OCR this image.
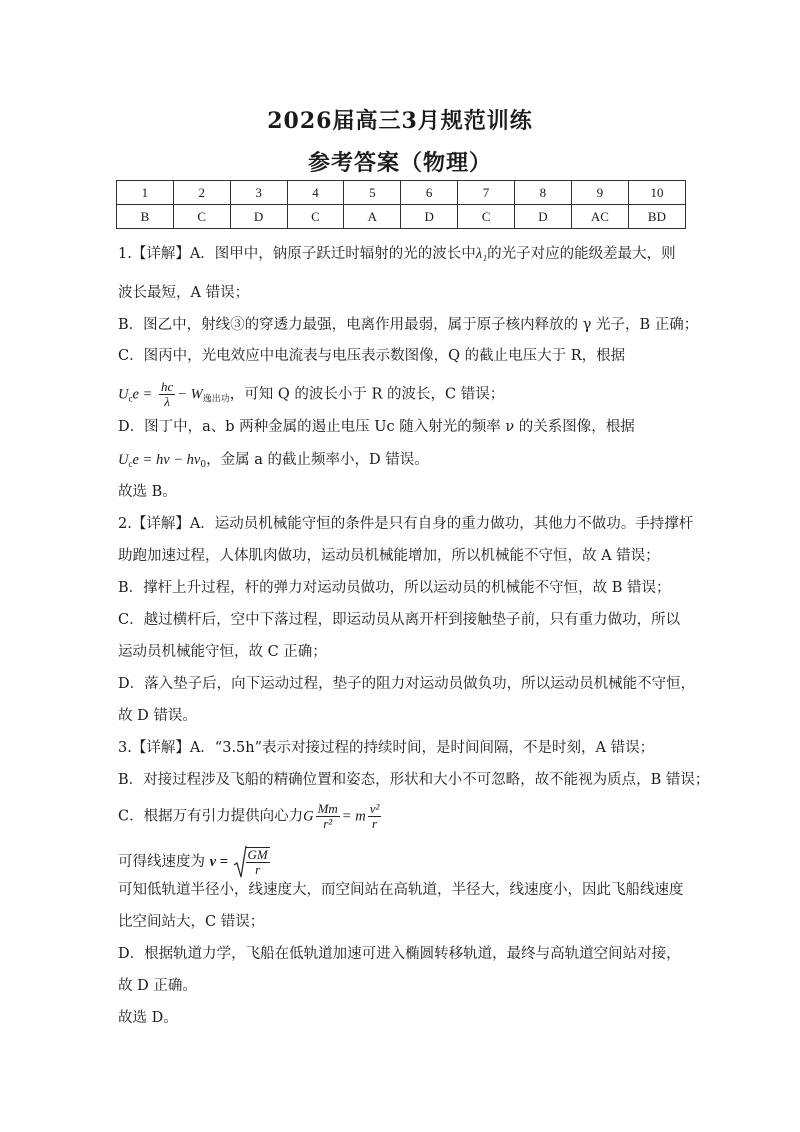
2026届高三3月规范训练
参考答案（物理）
1	2	3	4	5	6	7	8	9	10
B	C	D	C	A	D	C	D	AC	BD
1.【详解】A．图甲中，钠原子跃迁时辐射的光的波长中λ₁的光子对应的能级差最大，则
波长最短，A 错误；
B．图乙中，射线③的穿透力最强，电离作用最弱，属于原子核内释放的 γ 光子，B 正确；
C．图丙中，光电效应中电流表与电压表示数图像，Q 的截止电压大于 R，根据
$U_ce = \frac{hc}{\lambda} - W_{逸出功}$，可知 Q 的波长小于 R 的波长，C 错误；
D．图丁中，a、b 两种金属的遏止电压 Uc 随入射光的频率 ν 的关系图像，根据
$U_ce = h\nu - h\nu_0$，金属 a 的截止频率小，D 错误。
故选 B。
2.【详解】A．运动员机械能守恒的条件是只有自身的重力做功，其他力不做功。手持撑杆
助跑加速过程，人体肌肉做功，运动员机械能增加，所以机械能不守恒，故 A 错误；
B．撑杆上升过程，杆的弹力对运动员做功，所以运动员的机械能不守恒，故 B 错误；
C．越过横杆后，空中下落过程，即运动员从离开杆到接触垫子前，只有重力做功，所以
运动员机械能守恒，故 C 正确；
D．落入垫子后，向下运动过程，垫子的阻力对运动员做负功，所以运动员机械能不守恒，
故 D 错误。
3.【详解】A．“3.5h”表示对接过程的持续时间，是时间间隔，不是时刻，A 错误；
B．对接过程涉及飞船的精确位置和姿态，形状和大小不可忽略，故不能视为质点，B 错误；
C．根据万有引力提供向心力G $\frac{Mm}{\text{r²}} = m \frac{\text{v²}}{r}$
可得线速度为 $v = \frac{GM}{r}$
可知低轨道半径小，线速度大，而空间站在高轨道，半径大，线速度小，因此飞船线速度
比空间站大，C 错误；
D．根据轨道力学，飞船在低轨道加速可进入椭圆转移轨道，最终与高轨道空间站对接，
故 D 正确。
故选 D。
